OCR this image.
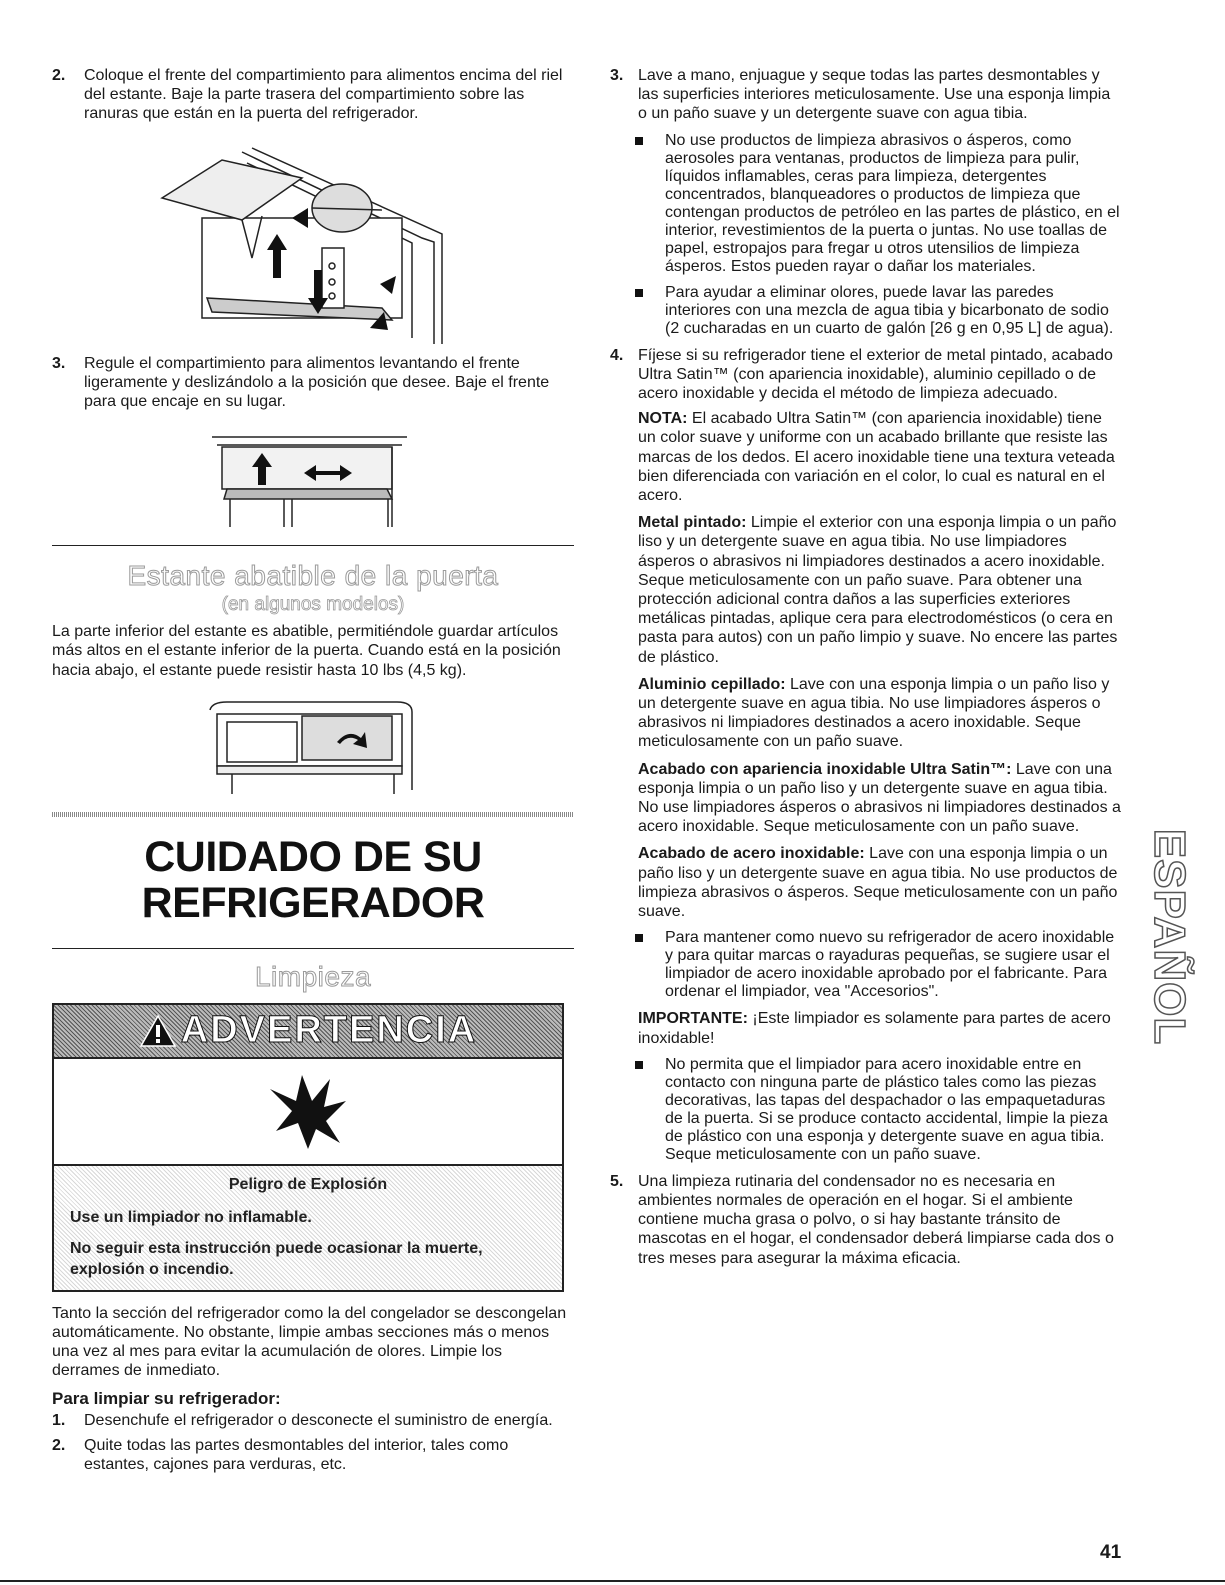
2. Coloque el frente del compartimiento para alimentos encima del riel del estante. Baje la parte trasera del compartimiento sobre las ranuras que están en la puerta del refrigerador.

3. Regule el compartimiento para alimentos levantando el frente ligeramente y deslizándolo a la posición que desee. Baje el frente para que encaje en su lugar.

Estante abatible de la puerta
(en algunos modelos)

La parte inferior del estante es abatible, permitiéndole guardar artículos más altos en el estante inferior de la puerta. Cuando está en la posición hacia abajo, el estante puede resistir hasta 10 lbs (4,5 kg).

CUIDADO DE SU
REFRIGERADOR
Limpieza
ADVERTENCIA
Peligro de Explosión
Use un limpiador no inflamable.
No seguir esta instrucción puede ocasionar la muerte, explosión o incendio.

Tanto la sección del refrigerador como la del congelador se descongelan automáticamente. No obstante, limpie ambas secciones más o menos una vez al mes para evitar la acumulación de olores. Limpie los derrames de inmediato.

Para limpiar su refrigerador:
1. Desenchufe el refrigerador o desconecte el suministro de energía.

2. Quite todas las partes desmontables del interior, tales como estantes, cajones para verduras, etc.

3. Lave a mano, enjuague y seque todas las partes desmontables y las superficies interiores meticulosamente. Use una esponja limpia o un paño suave y un detergente suave con agua tibia.

No use productos de limpieza abrasivos o ásperos, como aerosoles para ventanas, productos de limpieza para pulir, líquidos inflamables, ceras para limpieza, detergentes concentrados, blanqueadores o productos de limpieza que contengan productos de petróleo en las partes de plástico, en el interior, revestimientos de la puerta o juntas. No use toallas de papel, estropajos para fregar u otros utensilios de limpieza ásperos. Estos pueden rayar o dañar los materiales.

Para ayudar a eliminar olores, puede lavar las paredes interiores con una mezcla de agua tibia y bicarbonato de sodio (2 cucharadas en un cuarto de galón [26 g en 0,95 L] de agua).

4. Fíjese si su refrigerador tiene el exterior de metal pintado, acabado Ultra Satin™ (con apariencia inoxidable), aluminio cepillado o de acero inoxidable y decida el método de limpieza adecuado.

NOTA: El acabado Ultra Satin™ (con apariencia inoxidable) tiene un color suave y uniforme con un acabado brillante que resiste las marcas de los dedos. El acero inoxidable tiene una textura veteada bien diferenciada con variación en el color, lo cual es natural en el acero.

Metal pintado: Limpie el exterior con una esponja limpia o un paño liso y un detergente suave en agua tibia. No use limpiadores ásperos o abrasivos ni limpiadores destinados a acero inoxidable. Seque meticulosamente con un paño suave. Para obtener una protección adicional contra daños a las superficies exteriores metálicas pintadas, aplique cera para electrodomésticos (o cera en pasta para autos) con un paño limpio y suave. No encere las partes de plástico.

Aluminio cepillado: Lave con una esponja limpia o un paño liso y un detergente suave en agua tibia. No use limpiadores ásperos o abrasivos ni limpiadores destinados a acero inoxidable. Seque meticulosamente con un paño suave.

Acabado con apariencia inoxidable Ultra Satin™: Lave con una esponja limpia o un paño liso y un detergente suave en agua tibia. No use limpiadores ásperos o abrasivos ni limpiadores destinados a acero inoxidable. Seque meticulosamente con un paño suave.

Acabado de acero inoxidable: Lave con una esponja limpia o un paño liso y un detergente suave en agua tibia. No use productos de limpieza abrasivos o ásperos. Seque meticulosamente con un paño suave.

Para mantener como nuevo su refrigerador de acero inoxidable y para quitar marcas o rayaduras pequeñas, se sugiere usar el limpiador de acero inoxidable aprobado por el fabricante. Para ordenar el limpiador, vea "Accesorios".

IMPORTANTE: ¡Este limpiador es solamente para partes de acero inoxidable!

No permita que el limpiador para acero inoxidable entre en contacto con ninguna parte de plástico tales como las piezas decorativas, las tapas del despachador o las empaquetaduras de la puerta. Si se produce contacto accidental, limpie la pieza de plástico con una esponja y detergente suave en agua tibia. Seque meticulosamente con un paño suave.

5. Una limpieza rutinaria del condensador no es necesaria en ambientes normales de operación en el hogar. Si el ambiente contiene mucha grasa o polvo, o si hay bastante tránsito de mascotas en el hogar, el condensador deberá limpiarse cada dos o tres meses para asegurar la máxima eficacia.

ESPAÑOL
41
